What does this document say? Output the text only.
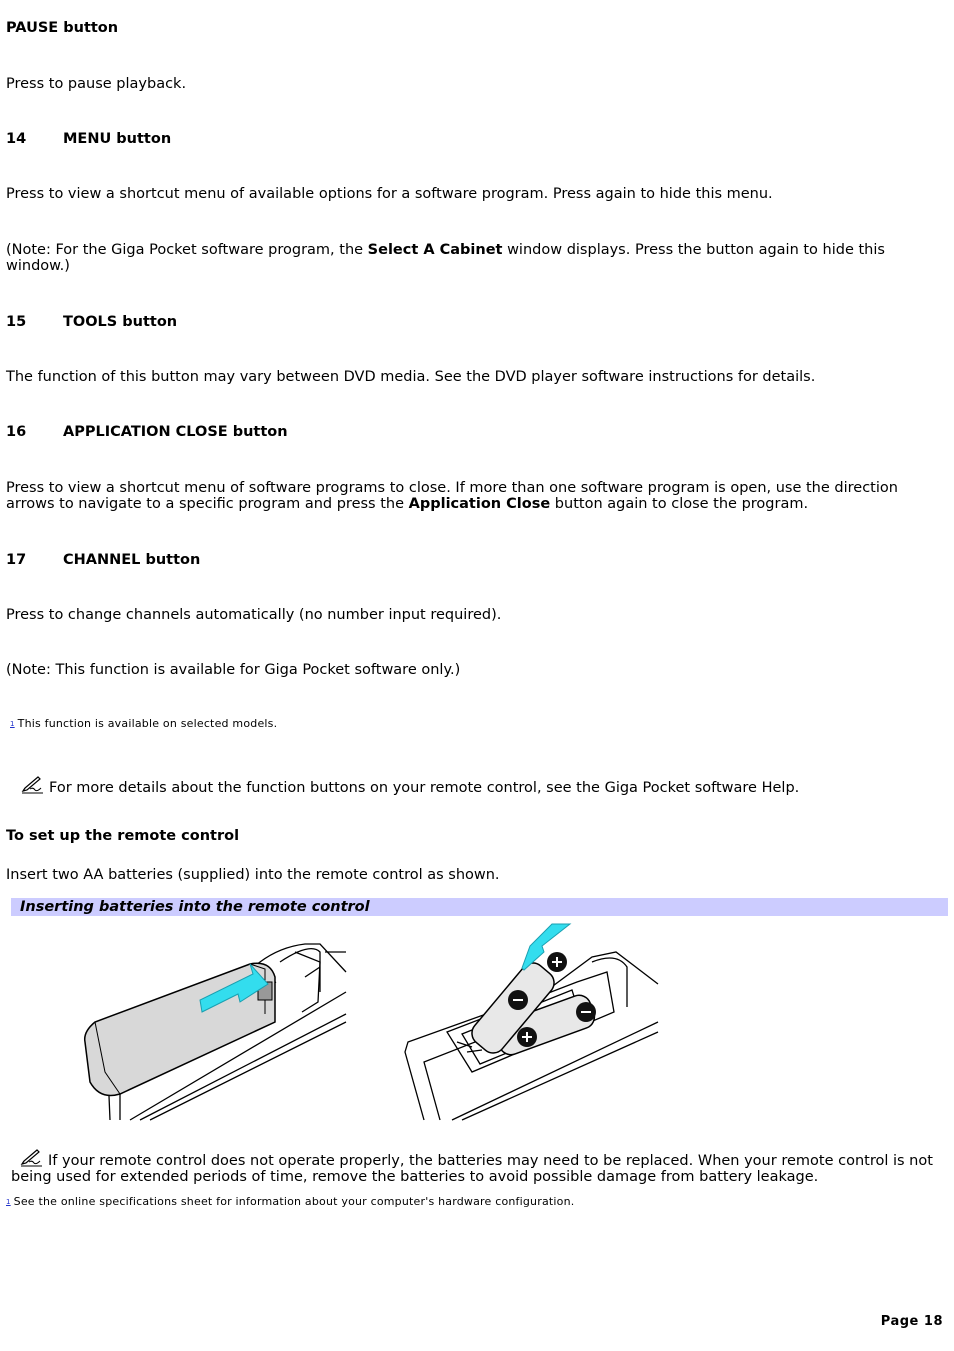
PAUSE button

Press to pause playback.

14	MENU button

Press to view a shortcut menu of available options for a software program. Press again to hide this menu.

(Note: For the Giga Pocket software program, the Select A Cabinet window displays. Press the button again to hide this window.)

15	TOOLS button

The function of this button may vary between DVD media. See the DVD player software instructions for details.

16	APPLICATION CLOSE button

Press to view a shortcut menu of software programs to close. If more than one software program is open, use the direction arrows to navigate to a specific program and press the Application Close button again to close the program.

17	CHANNEL button

Press to change channels automatically (no number input required).

(Note: This function is available for Giga Pocket software only.)

$^1$ This function is available on selected models.

For more details about the function buttons on your remote control, see the Giga Pocket software Help.

To set up the remote control

Insert two AA batteries (supplied) into the remote control as shown.

Inserting batteries into the remote control

If your remote control does not operate properly, the batteries may need to be replaced. When your remote control is not being used for extended periods of time, remove the batteries to avoid possible damage from battery leakage.

$^1$ See the online specifications sheet for information about your computer's hardware configuration.

Page 18
